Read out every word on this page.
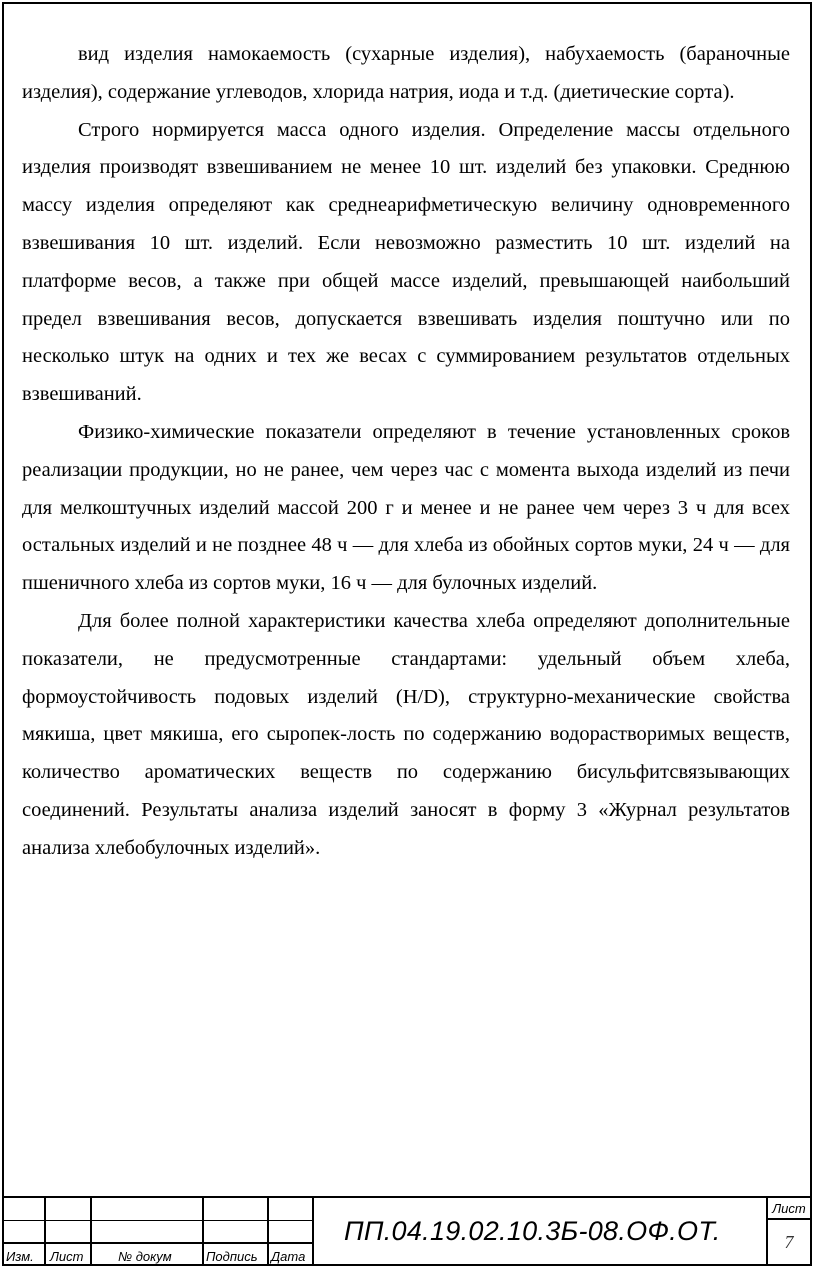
вид изделия намокаемость (сухарные изделия), набухаемость (бараночные изделия), содержание углеводов, хлорида натрия, иода и т.д. (диетические сорта).

Строго нормируется масса одного изделия. Определение массы отдельного изделия производят взвешиванием не менее 10 шт. изделий без упаковки. Среднюю массу изделия определяют как среднеарифметическую величину одновременного взвешивания 10 шт. изделий. Если невозможно разместить 10 шт. изделий на платформе весов, а также при общей массе изделий, превышающей наибольший предел взвешивания весов, допускается взвешивать изделия поштучно или по несколько штук на одних и тех же весах с суммированием результатов отдельных взвешиваний.

Физико-химические показатели определяют в течение установленных сроков реализации продукции, но не ранее, чем через час с момента выхода изделий из печи для мелкоштучных изделий массой 200 г и менее и не ранее чем через 3 ч для всех остальных изделий и не позднее 48 ч — для хлеба из обойных сортов муки, 24 ч — для пшеничного хлеба из сортов муки, 16 ч — для булочных изделий.

Для более полной характеристики качества хлеба определяют дополнительные показатели, не предусмотренные стандартами: удельный объем хлеба, формоустойчивость подовых изделий (H/D), структурно-механические свойства мякиша, цвет мякиша, его сыропек-лость по содержанию водорастворимых веществ, количество ароматических веществ по содержанию бисульфитсвязывающих соединений. Результаты анализа изделий заносят в форму 3 «Журнал результатов анализа хлебобулочных изделий».

Изм. Лист	№ докум	Подпись Дата
ПП.04.19.02.10.3Б-08.ОФ.ОТ.
Лист
7
